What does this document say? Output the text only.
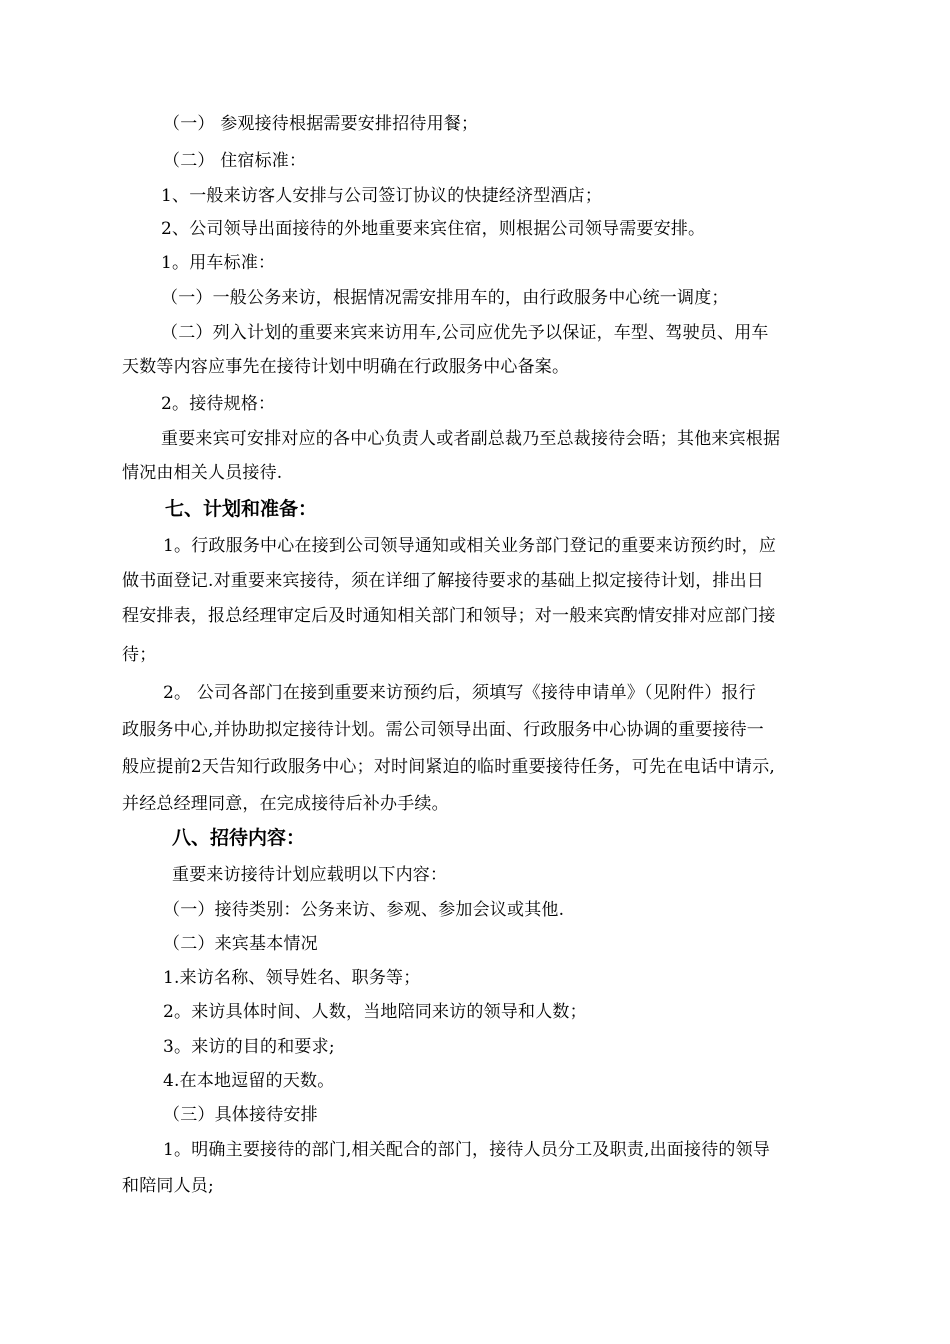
（一） 参观接待根据需要安排招待用餐；
（二） 住宿标准：
1、一般来访客人安排与公司签订协议的快捷经济型酒店；
2、公司领导出面接待的外地重要来宾住宿，则根据公司领导需要安排。
1。用车标准：
（一）一般公务来访，根据情况需安排用车的，由行政服务中心统一调度；
（二）列入计划的重要来宾来访用车,公司应优先予以保证，车型、驾驶员、用车
天数等内容应事先在接待计划中明确在行政服务中心备案。
2。接待规格：
重要来宾可安排对应的各中心负责人或者副总裁乃至总裁接待会晤；其他来宾根据
情况由相关人员接待.
七、计划和准备：
1。行政服务中心在接到公司领导通知或相关业务部门登记的重要来访预约时，应
做书面登记.对重要来宾接待，须在详细了解接待要求的基础上拟定接待计划，排出日
程安排表，报总经理审定后及时通知相关部门和领导；对一般来宾酌情安排对应部门接
待；
2。 公司各部门在接到重要来访预约后，须填写《接待申请单》（见附件）报行
政服务中心,并协助拟定接待计划。需公司领导出面、行政服务中心协调的重要接待一
般应提前2天告知行政服务中心；对时间紧迫的临时重要接待任务，可先在电话中请示,
并经总经理同意，在完成接待后补办手续。
八、招待内容：
重要来访接待计划应载明以下内容：
（一）接待类别：公务来访、参观、参加会议或其他.
（二）来宾基本情况
1.来访名称、领导姓名、职务等；
2。来访具体时间、人数，当地陪同来访的领导和人数；
3。来访的目的和要求;
4.在本地逗留的天数。
（三）具体接待安排
1。明确主要接待的部门,相关配合的部门，接待人员分工及职责,出面接待的领导
和陪同人员;
